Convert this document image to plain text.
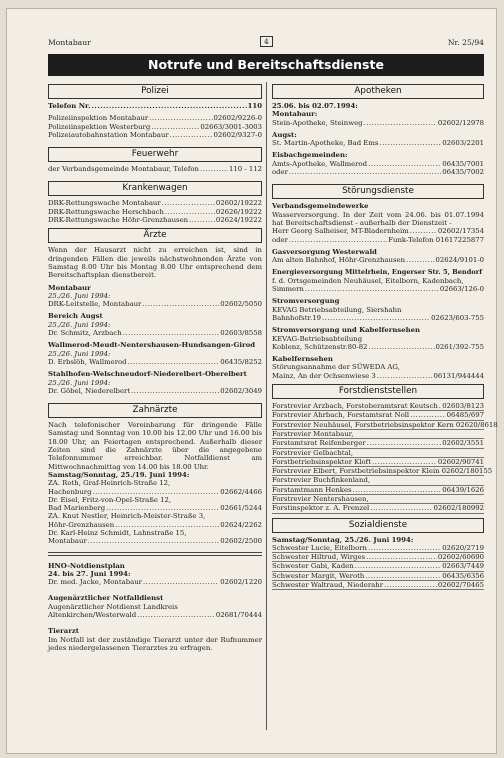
Montabaur	4	Nr. 25/94
Notrufe und Bereitschaftsdienste
Polizei
Telefon Nr. .....	110
Polizeiinspektion Montabaur .....	02602/9226-0
Polizeiinspektion Westerburg .....	02663/3001-3003
Polizeiautobahnstation Montabaur .....	02602/9327-0
Feuerwehr
der Verbandsgemeinde Montabaur, Telefon .....	110 - 112
Krankenwagen
DRK-Rettungswache Montabaur .....	02602/19222
DRK-Rettungswache Herschbach .....	02626/19222
DRK-Rettungswache Höhr-Grenzhausen .....	02624/19222
Ärzte
Wenn der Hausarzt nicht zu erreichen ist, sind in dringenden Fällen die jeweils nächstwohnenden Ärzte von Samstag 8.00 Uhr bis Montag 8.00 Uhr entsprechend dem Bereitschaftsplan dienstbereit.
Montabaur
25./26. Juni 1994:
DRK-Leitstelle, Montabaur .....	02602/5050
Bereich Augst
25./26. Juni 1994:
Dr. Schmitz, Arzbach .....	02603/8558
Wallmerod-Meudt-Nentershausen-Hundsangen-Girod
25./26. Juni 1994:
D. Erbslöh, Wallmerod .....	06435/8252
Stahlhofen-Welschneudorf-Niederelbert-Oberelbert
25./26. Juni 1994:
Dr. Göbel, Niederelbert .....	02602/3049
Zahnärzte
Nach telefonischer Vereinbarung für dringende Fälle Samstag und Sonntag von 10.00 bis 12.00 Uhr und 16.00 bis 18.00 Uhr, an Feiertagen entsprechend. Außerhalb dieser Zeiten sind die Zahnärzte über die angegebene Telefonnummer erreichbar. Notfalldienst am Mittwochnachmittag von 14.00 bis 18.00 Uhr.
Samstag/Sonntag, 25./19. Juni 1994:
ZA. Roth, Graf-Heinrich-Straße 12,
Hachenburg .....	02662/4466
Dr. Eisel, Fritz-von-Opel-Straße 12,
Bad Marienberg .....	02661/5244
ZA. Knut Nestler, Heinrich-Meister-Straße 3,
Höhr-Grenzhausen .....	02624/2262
Dr. Karl-Heinz Schmidt, Lahnstraße 15,
Montabaur .....	02602/2500
HNO-Notdienstplan
24. bis 27. Juni 1994:
Dr. med. Jacke, Montabaur .....	02602/1220
Augenärztlicher Notfalldienst
Augenärztlicher Notdienst Landkreis
Altenkirchen/Westerwald .....	02681/70444
Tierarzt
Im Notfall ist der zuständige Tierarzt unter der Rufnummer jedes niedergelassenen Tierarztes zu erfragen.
Apotheken
25.06. bis 02.07.1994:
Montabaur:
Stein-Apotheke, Steinweg .....	02602/12978
Augst:
St. Martin-Apotheke, Bad Ems .....	02603/2201
Eisbachgemeinden:
Amts-Apotheke, Wallmerod .....	06435/7001
oder .....	06435/7002
Störungsdienste
Verbandsgemeindewerke
Wasserversorgung. In der Zeit vom 24.06. bis 01.07.1994 hat Bereitschaftsdienst - außerhalb der Dienstzeit -
Herr Georg Salheiser, MT-Bladernheim .....	02602/17354
oder .....	Funk-Telefon 01617225877
Gasversorgung Westerwald
Am alten Bahnhof, Höhr-Grenzhausen .....	02624/9101-0
Energieversorgung Mittelrhein, Engerser Str. 5, Bendorf
f. d. Ortsgemeinden Neuhäusel, Eitelborn, Kadenbach,
Simmern .....	02663/126-0
Stromversorgung
KEVAG Betriebsabteilung, Siershahn
Bahnhofstr.19 .....	02623/603-755
Stromversorgung und Kabelfernsehen
KEVAG-Betriebsabteilung
Koblenz, Schützenstr.80-82 .....	0261/392-755
Kabelfernsehen
Störungsannahme der SÜWEDA AG,
Mainz, An der Ochsenwiese 3 .....	06131/944444
Forstdienststellen
Forstrevier Arzbach, Forstoberamtsrat Keutsch ..... 02603/8123
Forstrevier Ahrbach, Forstamtsrat Noll .....	06485/697
Forstrevier Neuhäusel, Forstbetriebsinspektor Kern 02620/8618
Forstrevier Montabaur,
Forstamtsrat Reifenberger .....	02602/3551
Forstrevier Gelbachtal,
Forstbetriebsinspektor Kloft .....	02602/90741
Forstrevier Elbert, Forstbetriebsinspektor Klein 02602/180155
Forstrevier Buchfinkenland,
Forstamtmann Henkes .....	06439/1626
Forstrevier Nentershausen,
Forstinspektor z. A. Frenzel .....	02602/180992
Sozialdienste
Samstag/Sonntag, 25./26. Juni 1994:
Schwester Lucie, Eitelborn .....	02620/2719
Schwester Hiltrud, Wirges .....	02602/60690
Schwester Gabi, Kaden .....	02663/7449
Schwester Margit, Weroth .....	06435/6356
Schwester Waltraud, Niederahr .....	02602/70465
